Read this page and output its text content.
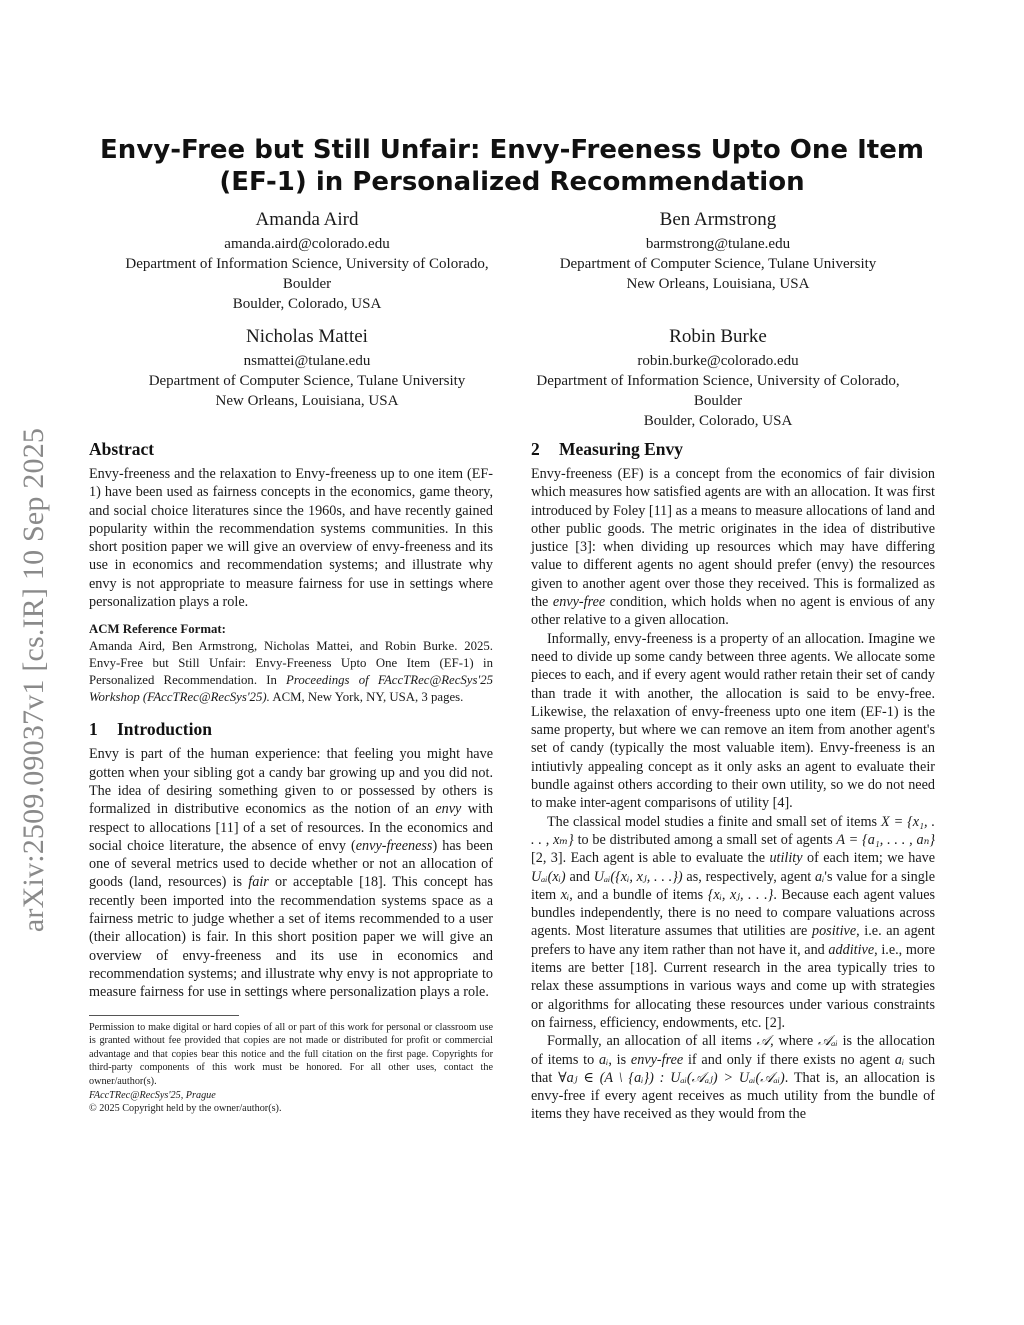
arXiv:2509.09037v1 [cs.IR] 10 Sep 2025
Envy-Free but Still Unfair: Envy-Freeness Upto One Item (EF-1) in Personalized Recommendation
Amanda Aird
amanda.aird@colorado.edu
Department of Information Science, University of Colorado, Boulder
Boulder, Colorado, USA
Ben Armstrong
barmstrong@tulane.edu
Department of Computer Science, Tulane University
New Orleans, Louisiana, USA
Nicholas Mattei
nsmattei@tulane.edu
Department of Computer Science, Tulane University
New Orleans, Louisiana, USA
Robin Burke
robin.burke@colorado.edu
Department of Information Science, University of Colorado, Boulder
Boulder, Colorado, USA
Abstract

Envy-freeness and the relaxation to Envy-freeness up to one item (EF-1) have been used as fairness concepts in the economics, game theory, and social choice literatures since the 1960s, and have recently gained popularity within the recommendation systems communities. In this short position paper we will give an overview of envy-freeness and its use in economics and recommendation systems; and illustrate why envy is not appropriate to measure fairness for use in settings where personalization plays a role.

ACM Reference Format:
Amanda Aird, Ben Armstrong, Nicholas Mattei, and Robin Burke. 2025. Envy-Free but Still Unfair: Envy-Freeness Upto One Item (EF-1) in Personalized Recommendation. In Proceedings of FAccTRec@RecSys'25 Workshop (FAccTRec@RecSys'25). ACM, New York, NY, USA, 3 pages.
1 Introduction

Envy is part of the human experience: that feeling you might have gotten when your sibling got a candy bar growing up and you did not. The idea of desiring something given to or possessed by others is formalized in distributive economics as the notion of an envy with respect to allocations [11] of a set of resources. In the economics and social choice literature, the absence of envy (envy-freeness) has been one of several metrics used to decide whether or not an allocation of goods (land, resources) is fair or acceptable [18]. This concept has recently been imported into the recommendation systems space as a fairness metric to judge whether a set of items recommended to a user (their allocation) is fair. In this short position paper we will give an overview of envy-freeness and its use in economics and recommendation systems; and illustrate why envy is not appropriate to measure fairness for use in settings where personalization plays a role.

Permission to make digital or hard copies of all or part of this work for personal or classroom use is granted without fee provided that copies are not made or distributed for profit or commercial advantage and that copies bear this notice and the full citation on the first page. Copyrights for third-party components of this work must be honored. For all other uses, contact the owner/author(s).
FAccTRec@RecSys'25, Prague
© 2025 Copyright held by the owner/author(s).
2 Measuring Envy

Envy-freeness (EF) is a concept from the economics of fair division which measures how satisfied agents are with an allocation. It was first introduced by Foley [11] as a means to measure allocations of land and other public goods. The metric originates in the idea of distributive justice [3]: when dividing up resources which may have differing value to different agents no agent should prefer (envy) the resources given to another agent over those they received. This is formalized as the envy-free condition, which holds when no agent is envious of any other relative to a given allocation.

Informally, envy-freeness is a property of an allocation. Imagine we need to divide up some candy between three agents. We allocate some pieces to each, and if every agent would rather retain their set of candy than trade it with another, the allocation is said to be envy-free. Likewise, the relaxation of envy-freeness upto one item (EF-1) is the same property, but where we can remove an item from another agent's set of candy (typically the most valuable item). Envy-freeness is an intiutivly appealing concept as it only asks an agent to evaluate their bundle against others according to their own utility, so we do not need to make inter-agent comparisons of utility [4].

The classical model studies a finite and small set of items X = {x₁, . . . , xₘ} to be distributed among a small set of agents A = {a₁, . . . , aₙ} [2, 3]. Each agent is able to evaluate the utility of each item; we have Uₐᵢ(xᵢ) and Uₐᵢ({xᵢ, xⱼ, . . .}) as, respectively, agent aᵢ's value for a single item xᵢ, and a bundle of items {xᵢ, xⱼ, . . .}. Because each agent values bundles independently, there is no need to compare valuations across agents. Most literature assumes that utilities are positive, i.e. an agent prefers to have any item rather than not have it, and additive, i.e., more items are better [18]. Current research in the area typically tries to relax these assumptions in various ways and come up with strategies or algorithms for allocating these resources under various constraints on fairness, efficiency, endowments, etc. [2].

Formally, an allocation of all items 𝒜, where 𝒜ₐᵢ is the allocation of items to aᵢ, is envy-free if and only if there exists no agent aᵢ such that ∀aⱼ ∈ (A \ {aᵢ}) : Uₐᵢ(𝒜ₐⱼ) > Uₐᵢ(𝒜ₐᵢ). That is, an allocation is envy-free if every agent receives as much utility from the bundle of items they have received as they would from the
